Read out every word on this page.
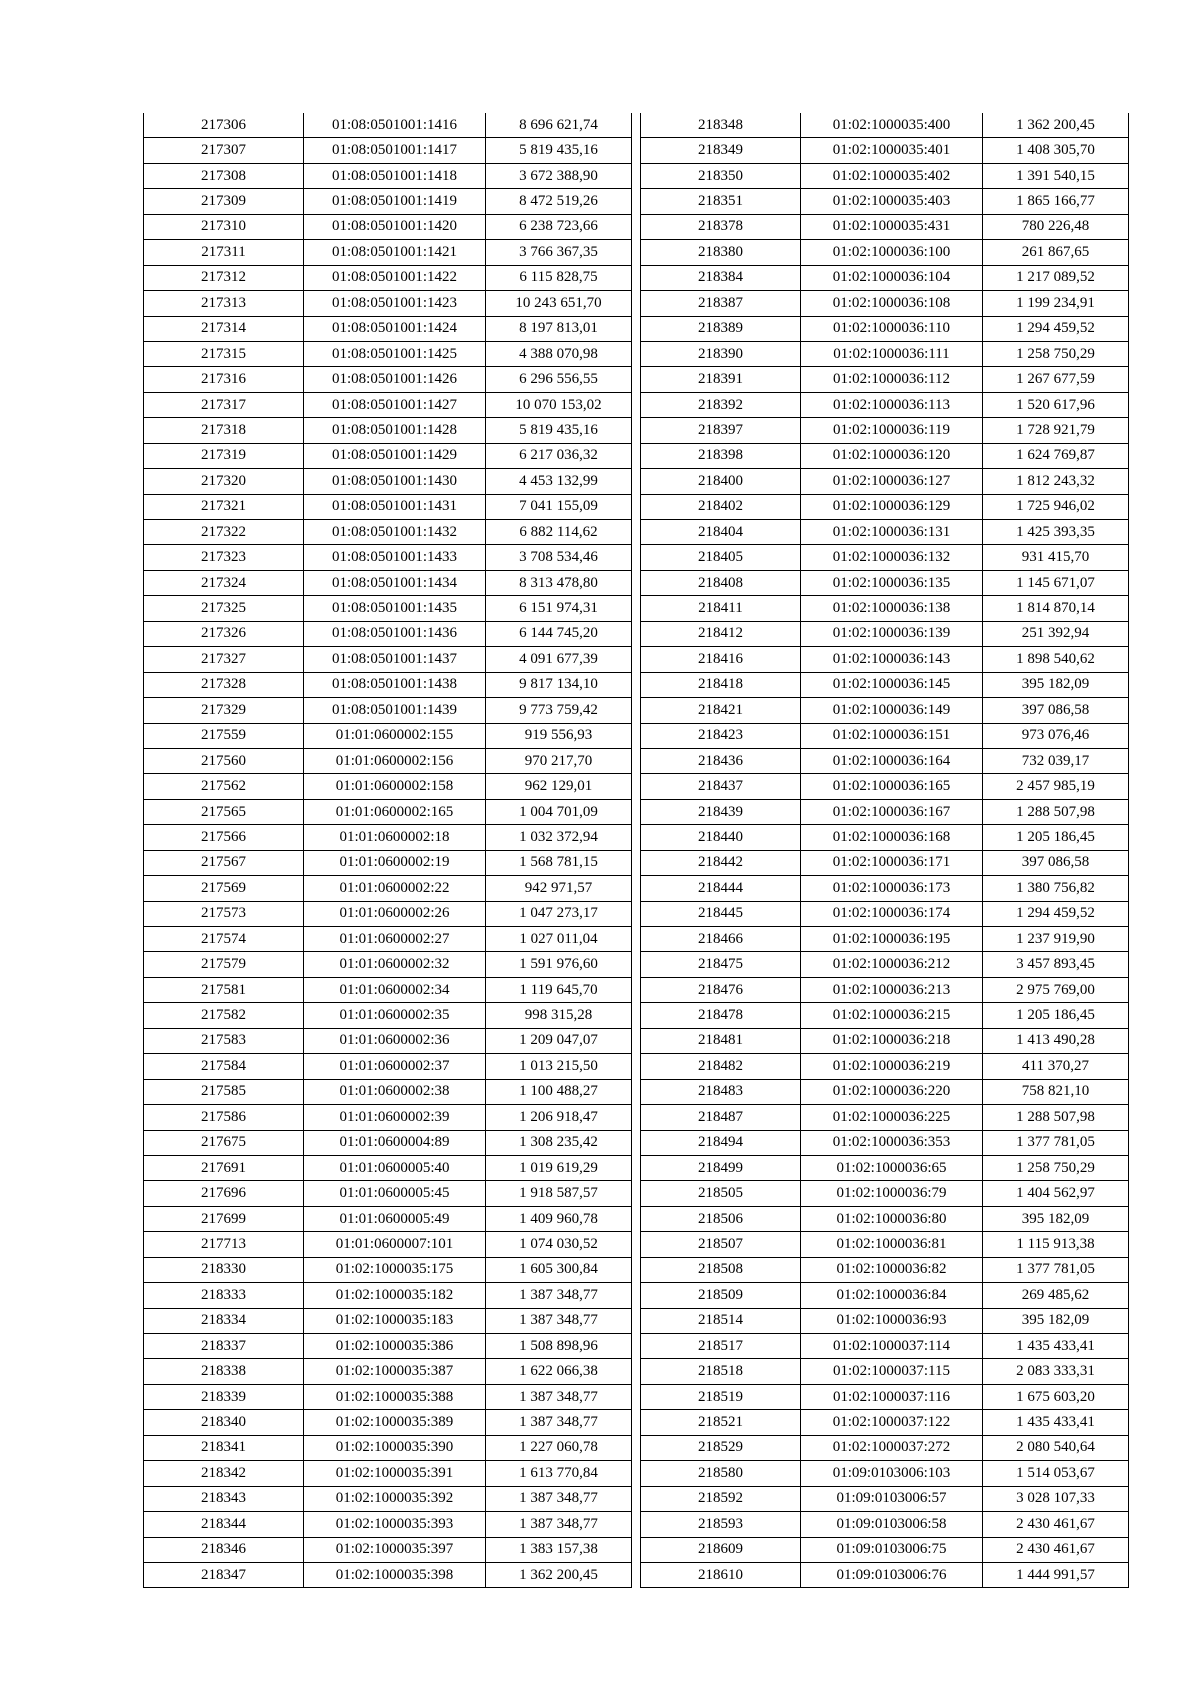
217306	01:08:0501001:1416	8 696 621,74
217307	01:08:0501001:1417	5 819 435,16
217308	01:08:0501001:1418	3 672 388,90
217309	01:08:0501001:1419	8 472 519,26
217310	01:08:0501001:1420	6 238 723,66
217311	01:08:0501001:1421	3 766 367,35
217312	01:08:0501001:1422	6 115 828,75
217313	01:08:0501001:1423	10 243 651,70
217314	01:08:0501001:1424	8 197 813,01
217315	01:08:0501001:1425	4 388 070,98
217316	01:08:0501001:1426	6 296 556,55
217317	01:08:0501001:1427	10 070 153,02
217318	01:08:0501001:1428	5 819 435,16
217319	01:08:0501001:1429	6 217 036,32
217320	01:08:0501001:1430	4 453 132,99
217321	01:08:0501001:1431	7 041 155,09
217322	01:08:0501001:1432	6 882 114,62
217323	01:08:0501001:1433	3 708 534,46
217324	01:08:0501001:1434	8 313 478,80
217325	01:08:0501001:1435	6 151 974,31
217326	01:08:0501001:1436	6 144 745,20
217327	01:08:0501001:1437	4 091 677,39
217328	01:08:0501001:1438	9 817 134,10
217329	01:08:0501001:1439	9 773 759,42
217559	01:01:0600002:155	919 556,93
217560	01:01:0600002:156	970 217,70
217562	01:01:0600002:158	962 129,01
217565	01:01:0600002:165	1 004 701,09
217566	01:01:0600002:18	1 032 372,94
217567	01:01:0600002:19	1 568 781,15
217569	01:01:0600002:22	942 971,57
217573	01:01:0600002:26	1 047 273,17
217574	01:01:0600002:27	1 027 011,04
217579	01:01:0600002:32	1 591 976,60
217581	01:01:0600002:34	1 119 645,70
217582	01:01:0600002:35	998 315,28
217583	01:01:0600002:36	1 209 047,07
217584	01:01:0600002:37	1 013 215,50
217585	01:01:0600002:38	1 100 488,27
217586	01:01:0600002:39	1 206 918,47
217675	01:01:0600004:89	1 308 235,42
217691	01:01:0600005:40	1 019 619,29
217696	01:01:0600005:45	1 918 587,57
217699	01:01:0600005:49	1 409 960,78
217713	01:01:0600007:101	1 074 030,52
218330	01:02:1000035:175	1 605 300,84
218333	01:02:1000035:182	1 387 348,77
218334	01:02:1000035:183	1 387 348,77
218337	01:02:1000035:386	1 508 898,96
218338	01:02:1000035:387	1 622 066,38
218339	01:02:1000035:388	1 387 348,77
218340	01:02:1000035:389	1 387 348,77
218341	01:02:1000035:390	1 227 060,78
218342	01:02:1000035:391	1 613 770,84
218343	01:02:1000035:392	1 387 348,77
218344	01:02:1000035:393	1 387 348,77
218346	01:02:1000035:397	1 383 157,38
218347	01:02:1000035:398	1 362 200,45
218348	01:02:1000035:400	1 362 200,45
218349	01:02:1000035:401	1 408 305,70
218350	01:02:1000035:402	1 391 540,15
218351	01:02:1000035:403	1 865 166,77
218378	01:02:1000035:431	780 226,48
218380	01:02:1000036:100	261 867,65
218384	01:02:1000036:104	1 217 089,52
218387	01:02:1000036:108	1 199 234,91
218389	01:02:1000036:110	1 294 459,52
218390	01:02:1000036:111	1 258 750,29
218391	01:02:1000036:112	1 267 677,59
218392	01:02:1000036:113	1 520 617,96
218397	01:02:1000036:119	1 728 921,79
218398	01:02:1000036:120	1 624 769,87
218400	01:02:1000036:127	1 812 243,32
218402	01:02:1000036:129	1 725 946,02
218404	01:02:1000036:131	1 425 393,35
218405	01:02:1000036:132	931 415,70
218408	01:02:1000036:135	1 145 671,07
218411	01:02:1000036:138	1 814 870,14
218412	01:02:1000036:139	251 392,94
218416	01:02:1000036:143	1 898 540,62
218418	01:02:1000036:145	395 182,09
218421	01:02:1000036:149	397 086,58
218423	01:02:1000036:151	973 076,46
218436	01:02:1000036:164	732 039,17
218437	01:02:1000036:165	2 457 985,19
218439	01:02:1000036:167	1 288 507,98
218440	01:02:1000036:168	1 205 186,45
218442	01:02:1000036:171	397 086,58
218444	01:02:1000036:173	1 380 756,82
218445	01:02:1000036:174	1 294 459,52
218466	01:02:1000036:195	1 237 919,90
218475	01:02:1000036:212	3 457 893,45
218476	01:02:1000036:213	2 975 769,00
218478	01:02:1000036:215	1 205 186,45
218481	01:02:1000036:218	1 413 490,28
218482	01:02:1000036:219	411 370,27
218483	01:02:1000036:220	758 821,10
218487	01:02:1000036:225	1 288 507,98
218494	01:02:1000036:353	1 377 781,05
218499	01:02:1000036:65	1 258 750,29
218505	01:02:1000036:79	1 404 562,97
218506	01:02:1000036:80	395 182,09
218507	01:02:1000036:81	1 115 913,38
218508	01:02:1000036:82	1 377 781,05
218509	01:02:1000036:84	269 485,62
218514	01:02:1000036:93	395 182,09
218517	01:02:1000037:114	1 435 433,41
218518	01:02:1000037:115	2 083 333,31
218519	01:02:1000037:116	1 675 603,20
218521	01:02:1000037:122	1 435 433,41
218529	01:02:1000037:272	2 080 540,64
218580	01:09:0103006:103	1 514 053,67
218592	01:09:0103006:57	3 028 107,33
218593	01:09:0103006:58	2 430 461,67
218609	01:09:0103006:75	2 430 461,67
218610	01:09:0103006:76	1 444 991,57
